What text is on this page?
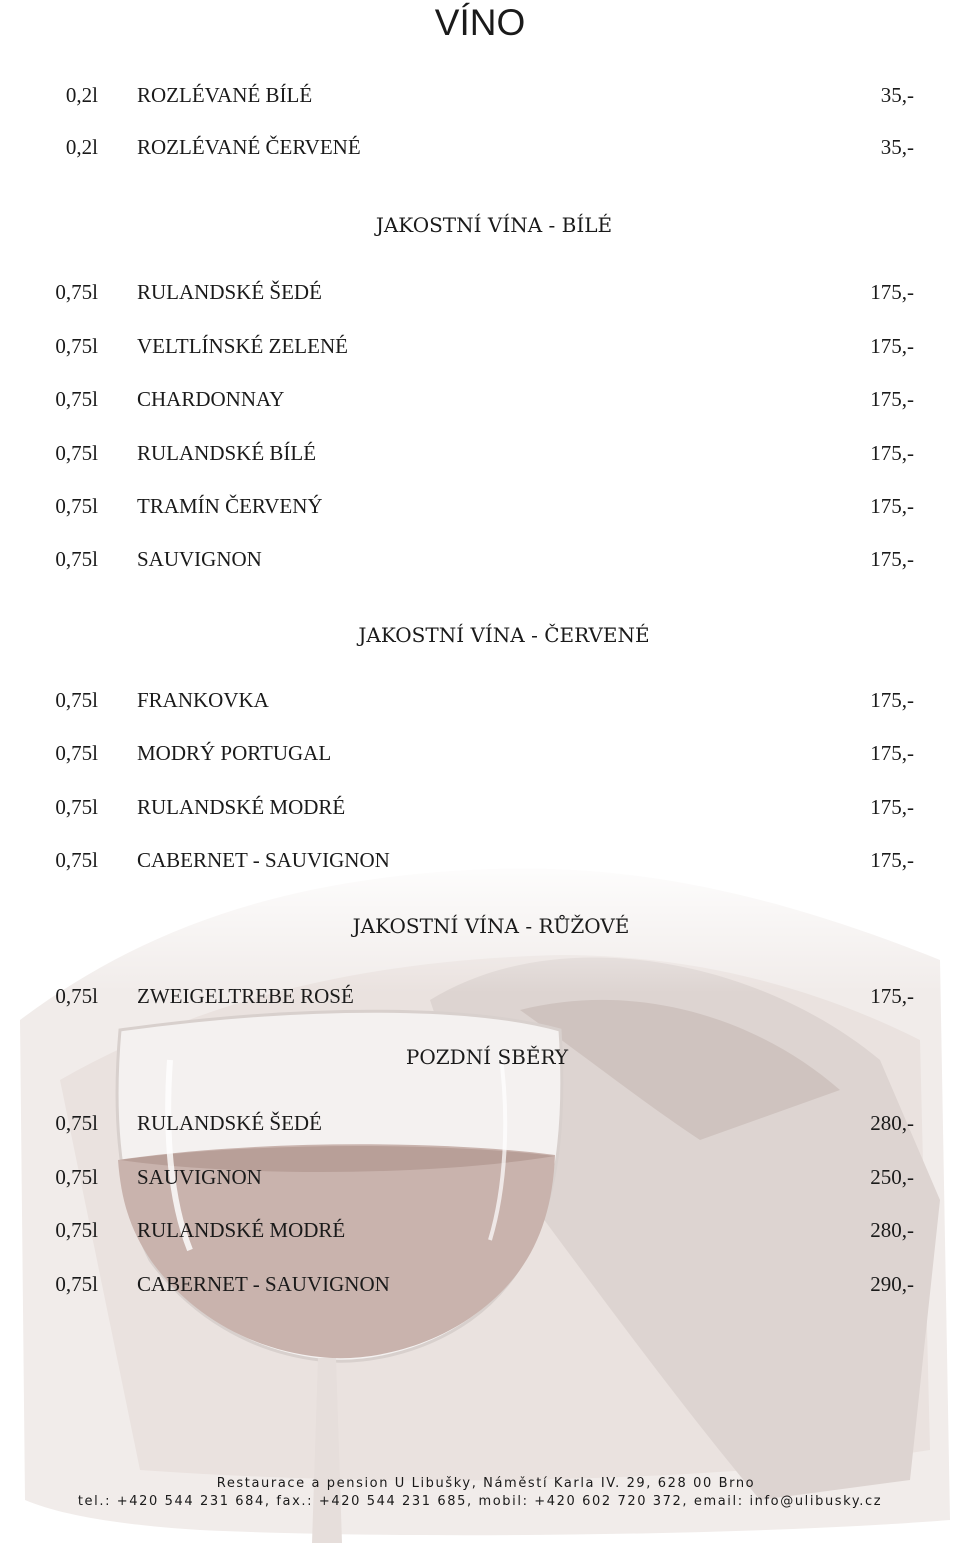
VÍNO
0,2l ROZLÉVANÉ BÍLÉ	35,-
0,2l ROZLÉVANÉ ČERVENÉ	35,-
JAKOSTNÍ VÍNA - BÍLÉ
0,75l RULANDSKÉ ŠEDÉ	175,-
0,75l VELTLÍNSKÉ ZELENÉ	175,-
0,75l CHARDONNAY	175,-
0,75l RULANDSKÉ BÍLÉ	175,-
0,75l TRAMÍN ČERVENÝ	175,-
0,75l SAUVIGNON	175,-
JAKOSTNÍ VÍNA - ČERVENÉ
0,75l FRANKOVKA	175,-
0,75l MODRÝ PORTUGAL	175,-
0,75l RULANDSKÉ MODRÉ	175,-
0,75l CABERNET - SAUVIGNON	175,-
JAKOSTNÍ VÍNA - RŮŽOVÉ
0,75l ZWEIGELTREBE ROSÉ	175,-
POZDNÍ SBĚRY
0,75l RULANDSKÉ ŠEDÉ	280,-
0,75l SAUVIGNON	250,-
0,75l RULANDSKÉ MODRÉ	280,-
0,75l CABERNET - SAUVIGNON	290,-
Restaurace a pension U Libušky, Náměstí Karla IV. 29, 628 00 Brno
tel.: +420 544 231 684, fax.: +420 544 231 685, mobil: +420 602 720 372, email: info@ulibusky.cz
